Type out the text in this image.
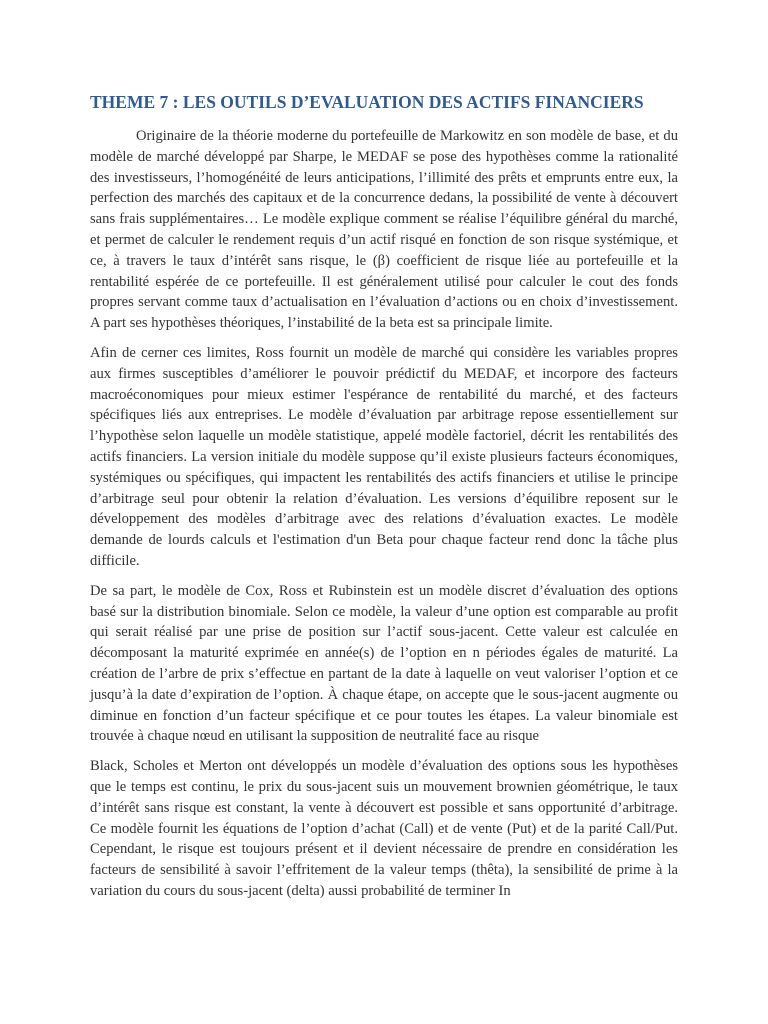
THEME 7 : LES OUTILS D’EVALUATION DES ACTIFS FINANCIERS

Originaire de la théorie moderne du portefeuille de Markowitz en son modèle de base, et du modèle de marché développé par Sharpe, le MEDAF se pose des hypothèses comme la rationalité des investisseurs, l’homogénéité de leurs anticipations, l’illimité des prêts et emprunts entre eux, la perfection des marchés des capitaux et de la concurrence dedans, la possibilité de vente à découvert sans frais supplémentaires… Le modèle explique comment se réalise l’équilibre général du marché, et permet de calculer le rendement requis d’un actif risqué en fonction de son risque systémique, et ce, à travers le taux d’intérêt sans risque, le (β) coefficient de risque liée au portefeuille et la rentabilité espérée de ce portefeuille. Il est généralement utilisé pour calculer le cout des fonds propres servant comme taux d’actualisation en l’évaluation d’actions ou en choix d’investissement. A part ses hypothèses théoriques, l’instabilité de la beta est sa principale limite.

Afin de cerner ces limites, Ross fournit un modèle de marché qui considère les variables propres aux firmes susceptibles d’améliorer le pouvoir prédictif du MEDAF, et incorpore des facteurs macroéconomiques pour mieux estimer l'espérance de rentabilité du marché, et des facteurs spécifiques liés aux entreprises. Le modèle d’évaluation par arbitrage repose essentiellement sur l’hypothèse selon laquelle un modèle statistique, appelé modèle factoriel, décrit les rentabilités des actifs financiers. La version initiale du modèle suppose qu’il existe plusieurs facteurs économiques, systémiques ou spécifiques, qui impactent les rentabilités des actifs financiers et utilise le principe d’arbitrage seul pour obtenir la relation d’évaluation. Les versions d’équilibre reposent sur le développement des modèles d’arbitrage avec des relations d’évaluation exactes. Le modèle demande de lourds calculs et l'estimation d'un Beta pour chaque facteur rend donc la tâche plus difficile.

De sa part, le modèle de Cox, Ross et Rubinstein est un modèle discret d’évaluation des options basé sur la distribution binomiale. Selon ce modèle, la valeur d’une option est comparable au profit qui serait réalisé par une prise de position sur l’actif sous-jacent. Cette valeur est calculée en décomposant la maturité exprimée en année(s) de l’option en n périodes égales de maturité. La création de l’arbre de prix s’effectue en partant de la date à laquelle on veut valoriser l’option et ce jusqu’à la date d’expiration de l’option. À chaque étape, on accepte que le sous-jacent augmente ou diminue en fonction d’un facteur spécifique et ce pour toutes les étapes. La valeur binomiale est trouvée à chaque nœud en utilisant la supposition de neutralité face au risque

Black, Scholes et Merton ont développés un modèle d’évaluation des options sous les hypothèses que le temps est continu, le prix du sous-jacent suis un mouvement brownien géométrique, le taux d’intérêt sans risque est constant, la vente à découvert est possible et sans opportunité d’arbitrage. Ce modèle fournit les équations de l’option d’achat (Call) et de vente (Put) et de la parité Call/Put. Cependant, le risque est toujours présent et il devient nécessaire de prendre en considération les facteurs de sensibilité à savoir l’effritement de la valeur temps (thêta), la sensibilité de prime à la variation du cours du sous-jacent (delta) aussi probabilité de terminer In
